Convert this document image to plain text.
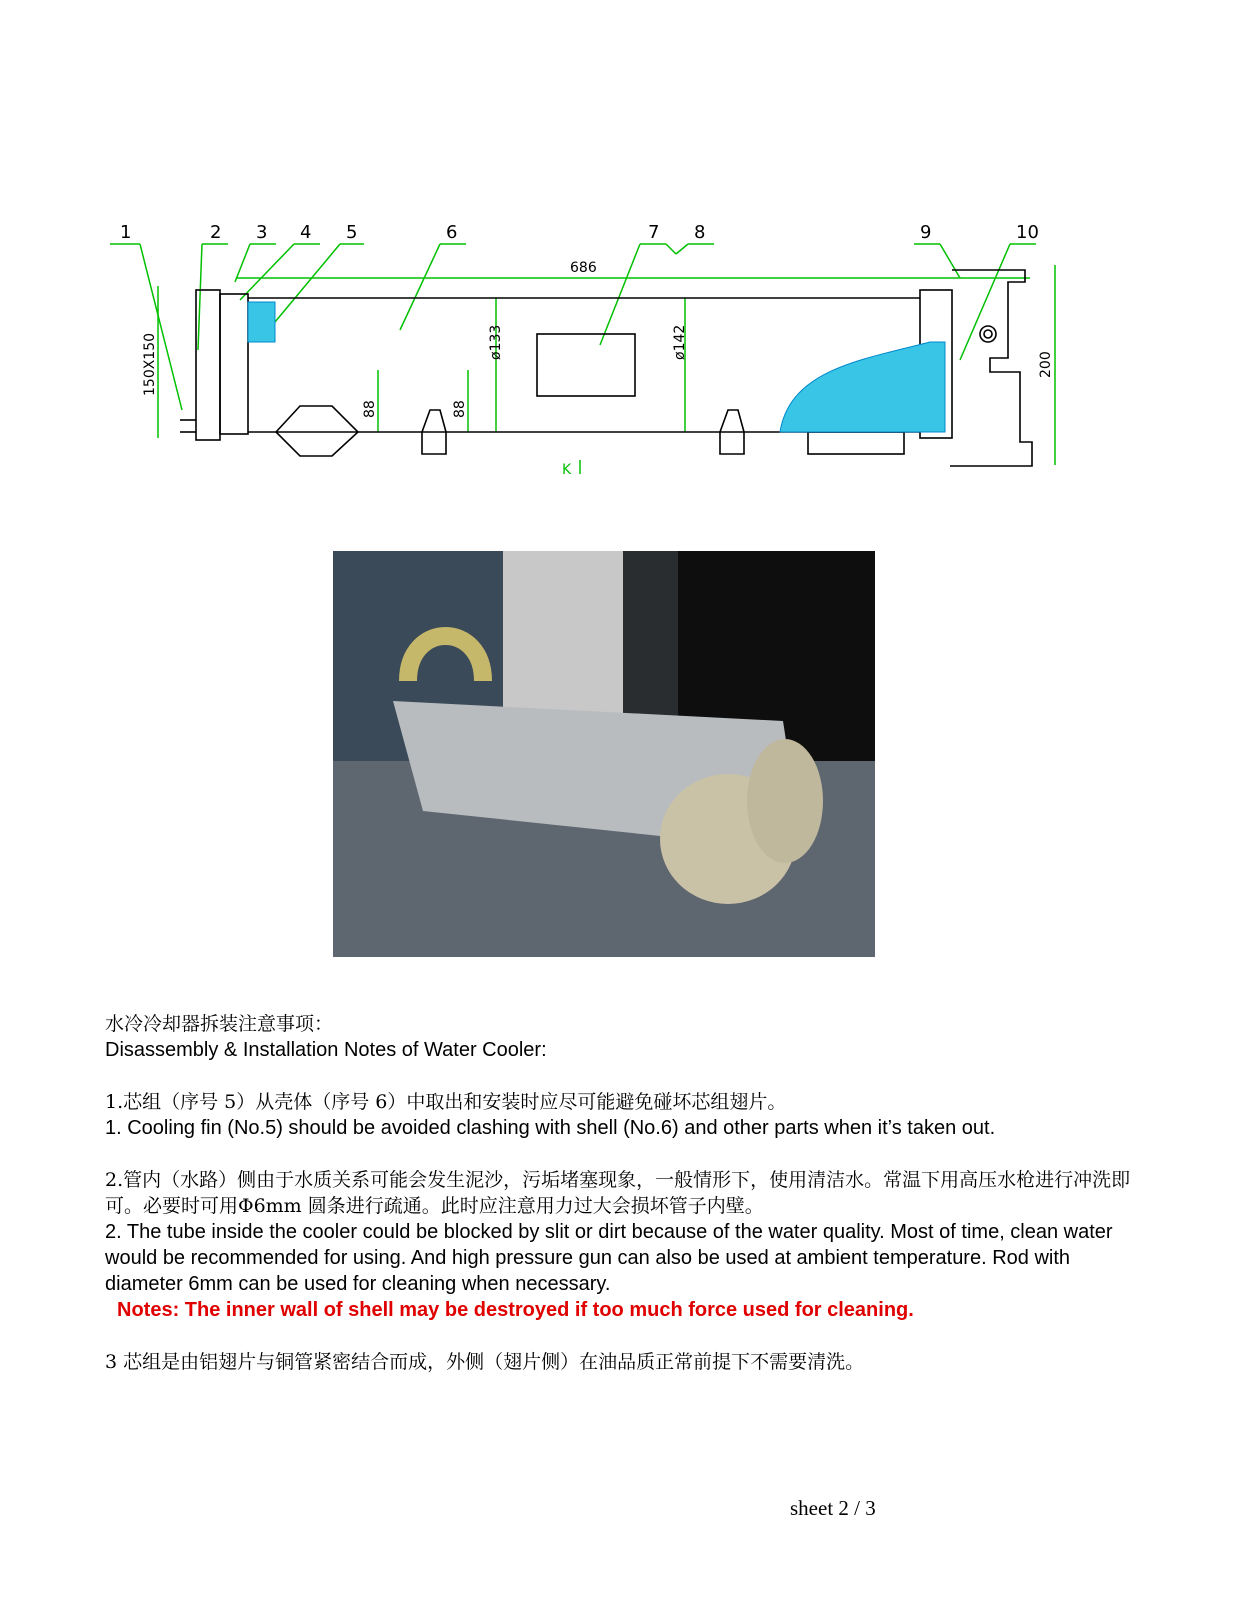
1	2 3 4 5	6	7 8	9	10
686
150X150	200
ø133	ø142
88	88
K

水冷冷却器拆装注意事项：

Disassembly & Installation Notes of Water Cooler:

1.芯组（序号 5）从壳体（序号 6）中取出和安装时应尽可能避免碰坏芯组翅片。

1. Cooling fin (No.5) should be avoided clashing with shell (No.6) and other parts when it’s taken out.

2.管内（水路）侧由于水质关系可能会发生泥沙，污垢堵塞现象，一般情形下，使用清洁水。常温下用高压水枪进行冲洗即可。必要时可用Φ6mm 圆条进行疏通。此时应注意用力过大会损坏管子内壁。

2. The tube inside the cooler could be blocked by slit or dirt because of the water quality. Most of time, clean water would be recommended for using. And high pressure gun can also be used at ambient temperature. Rod with diameter 6mm can be used for cleaning when necessary.

Notes: The inner wall of shell may be destroyed if too much force used for cleaning.

3 芯组是由铝翅片与铜管紧密结合而成，外侧（翅片侧）在油品质正常前提下不需要清洗。

sheet 2 / 3
